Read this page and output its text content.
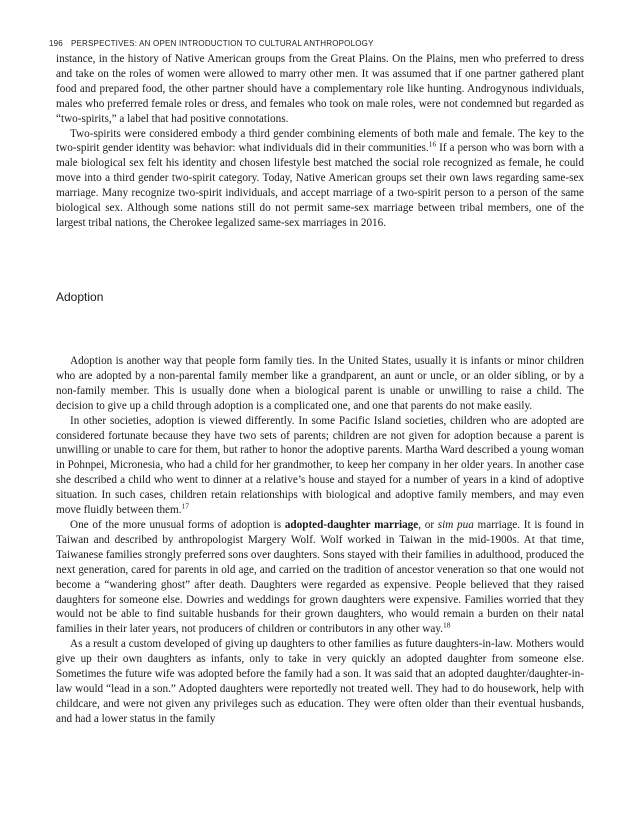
196 PERSPECTIVES: AN OPEN INTRODUCTION TO CULTURAL ANTHROPOLOGY

instance, in the history of Native American groups from the Great Plains. On the Plains, men who preferred to dress and take on the roles of women were allowed to marry other men. It was assumed that if one partner gathered plant food and prepared food, the other partner should have a complementary role like hunting. Androgynous individuals, males who preferred female roles or dress, and females who took on male roles, were not condemned but regarded as “two-spirits,” a label that had positive connotations.

Two-spirits were considered embody a third gender combining elements of both male and female. The key to the two-spirit gender identity was behavior: what individuals did in their communities.$^{16}$ If a person who was born with a male biological sex felt his identity and chosen lifestyle best matched the social role recognized as female, he could move into a third gender two-spirit category. Today, Native American groups set their own laws regarding same-sex marriage. Many recognize two-spirit individuals, and accept marriage of a two-spirit person to a person of the same biological sex. Although some nations still do not permit same-sex marriage between tribal members, one of the largest tribal nations, the Cherokee legalized same-sex marriages in 2016.

Adoption

Adoption is another way that people form family ties. In the United States, usually it is infants or minor children who are adopted by a non-parental family member like a grandparent, an aunt or uncle, or an older sibling, or by a non-family member. This is usually done when a biological parent is unable or unwilling to raise a child. The decision to give up a child through adoption is a complicated one, and one that parents do not make easily.

In other societies, adoption is viewed differently. In some Pacific Island societies, children who are adopted are considered fortunate because they have two sets of parents; children are not given for adoption because a parent is unwilling or unable to care for them, but rather to honor the adoptive parents. Martha Ward described a young woman in Pohnpei, Micronesia, who had a child for her grandmother, to keep her company in her older years. In another case she described a child who went to dinner at a relative’s house and stayed for a number of years in a kind of adoptive situation. In such cases, children retain relationships with biological and adoptive family members, and may even move fluidly between them.$^{17}$

One of the more unusual forms of adoption is adopted-daughter marriage, or sim pua marriage. It is found in Taiwan and described by anthropologist Margery Wolf. Wolf worked in Taiwan in the mid-1900s. At that time, Taiwanese families strongly preferred sons over daughters. Sons stayed with their families in adulthood, produced the next generation, cared for parents in old age, and carried on the tradition of ancestor veneration so that one would not become a “wandering ghost” after death. Daughters were regarded as expensive. People believed that they raised daughters for someone else. Dowries and weddings for grown daughters were expensive. Families worried that they would not be able to find suitable husbands for their grown daughters, who would remain a burden on their natal families in their later years, not producers of children or contributors in any other way.$^{18}$

As a result a custom developed of giving up daughters to other families as future daughters-in-law. Mothers would give up their own daughters as infants, only to take in very quickly an adopted daughter from someone else. Sometimes the future wife was adopted before the family had a son. It was said that an adopted daughter/daughter-in-law would “lead in a son.” Adopted daughters were reportedly not treated well. They had to do housework, help with childcare, and were not given any privileges such as education. They were often older than their eventual husbands, and had a lower status in the family
